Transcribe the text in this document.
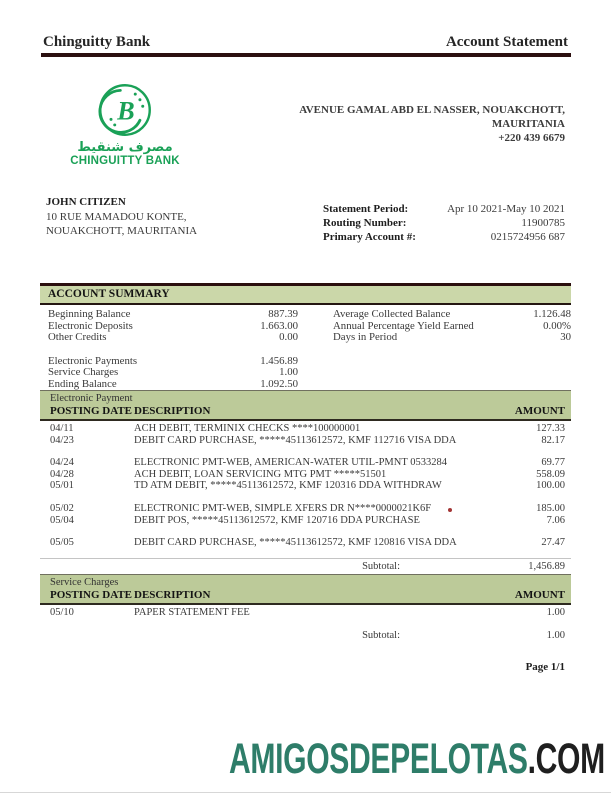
Chinguitty Bank	Account Statement
B
مصرف شنقيط
CHINGUITTY BANK
AVENUE GAMAL ABD EL NASSER, NOUAKCHOTT,
MAURITANIA
+220 439 6679
JOHN CITIZEN
10 RUE MAMADOU KONTE,
NOUAKCHOTT, MAURITANIA
Statement Period:	Apr 10 2021-May 10 2021
Routing Number:	11900785
Primary Account #:	0215724956 687
ACCOUNT SUMMARY
Beginning Balance	887.39
Electronic Deposits	1.663.00
Other Credits	0.00
Electronic Payments	1.456.89
Service Charges	1.00
Ending Balance	1.092.50
Average Collected Balance	1.126.48
Annual Percentage Yield Earned	0.00%
Days in Period	30
Electronic Payment
POSTING DATE DESCRIPTION	AMOUNT
04/11	ACH DEBIT, TERMINIX CHECKS ****100000001	127.33
04/23	DEBIT CARD PURCHASE, *****45113612572, KMF 112716 VISA DDA	82.17
04/24	ELECTRONIC PMT-WEB, AMERICAN-WATER UTIL-PMNT 0533284	69.77
04/28	ACH DEBIT, LOAN SERVICING MTG PMT *****51501	558.09
05/01	TD ATM DEBIT, *****45113612572, KMF 120316 DDA WITHDRAW	100.00
05/02	ELECTRONIC PMT-WEB, SIMPLE XFERS DR N****0000021K6F	185.00
05/04	DEBIT POS, *****45113612572, KMF 120716 DDA PURCHASE	7.06
05/05	DEBIT CARD PURCHASE, *****45113612572, KMF 120816 VISA DDA	27.47
Subtotal:	1,456.89
Service Charges
POSTING DATE DESCRIPTION	AMOUNT
05/10	PAPER STATEMENT FEE	1.00
Subtotal:	1.00
Page 1/1
AMIGOSDEPELOTAS.COM
